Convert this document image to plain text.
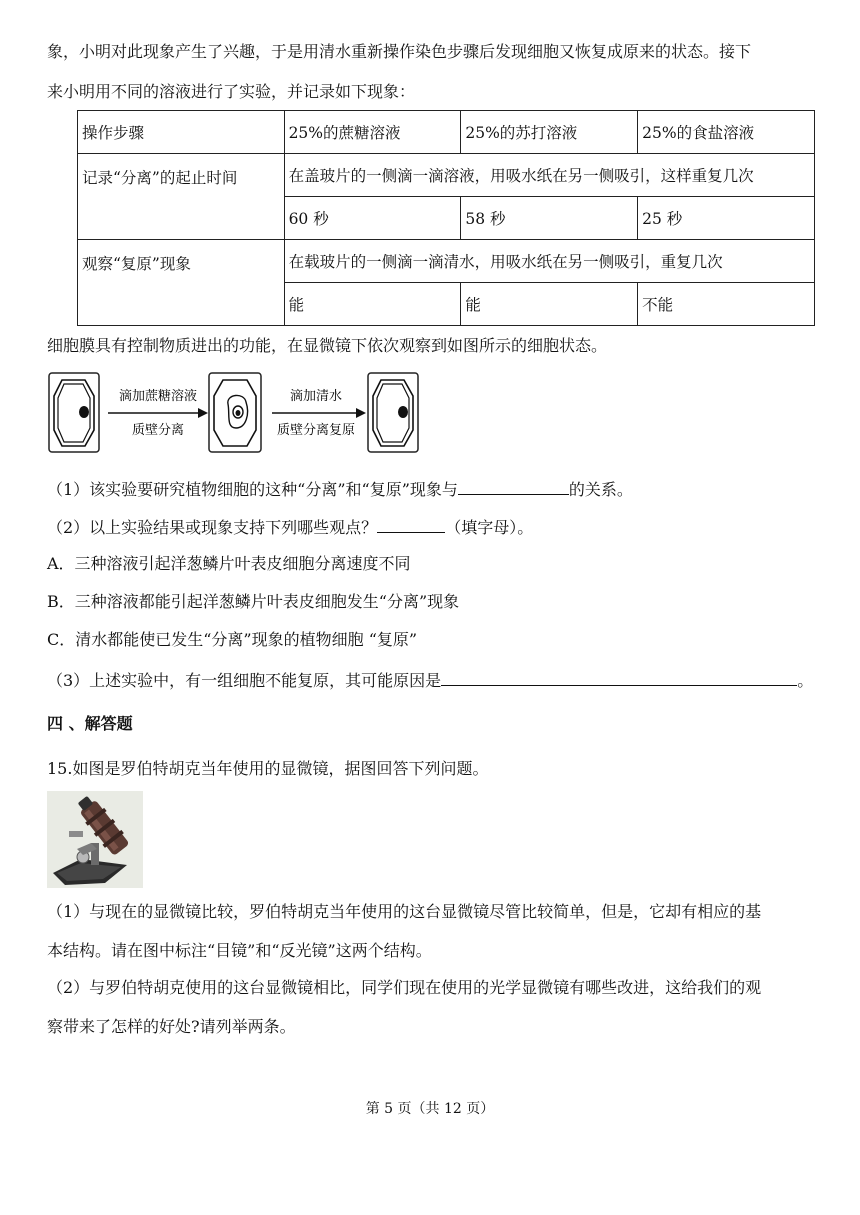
象，小明对此现象产生了兴趣，于是用清水重新操作染色步骤后发现细胞又恢复成原来的状态。接下
来小明用不同的溶液进行了实验，并记录如下现象：
操作步骤	25%的蔗糖溶液	25%的苏打溶液	25%的食盐溶液
记录“分离”的起止时间	在盖玻片的一侧滴一滴溶液，用吸水纸在另一侧吸引，这样重复几次		
	60 秒	58 秒	25 秒
观察“复原”现象	在载玻片的一侧滴一滴清水，用吸水纸在另一侧吸引，重复几次		
	能	能	不能
细胞膜具有控制物质进出的功能，在显微镜下依次观察到如图所示的细胞状态。
滴加蔗糖溶液
质壁分离
滴加清水
质壁分离复原
（1）该实验要研究植物细胞的这种“分离”和“复原”现象与	的关系。
（2）以上实验结果或现象支持下列哪些观点？	（填字母）。
A．三种溶液引起洋葱鳞片叶表皮细胞分离速度不同
B．三种溶液都能引起洋葱鳞片叶表皮细胞发生“分离”现象
C．清水都能使已发生“分离”现象的植物细胞 “复原”
（3）上述实验中，有一组细胞不能复原，其可能原因是	。
四 、解答题
15.如图是罗伯特胡克当年使用的显微镜，据图回答下列问题。
（1）与现在的显微镜比较，罗伯特胡克当年使用的这台显微镜尽管比较简单，但是，它却有相应的基
本结构。请在图中标注“目镜”和“反光镜”这两个结构。
（2）与罗伯特胡克使用的这台显微镜相比，同学们现在使用的光学显微镜有哪些改进，这给我们的观
察带来了怎样的好处?请列举两条。
第 5 页（共 12 页）
